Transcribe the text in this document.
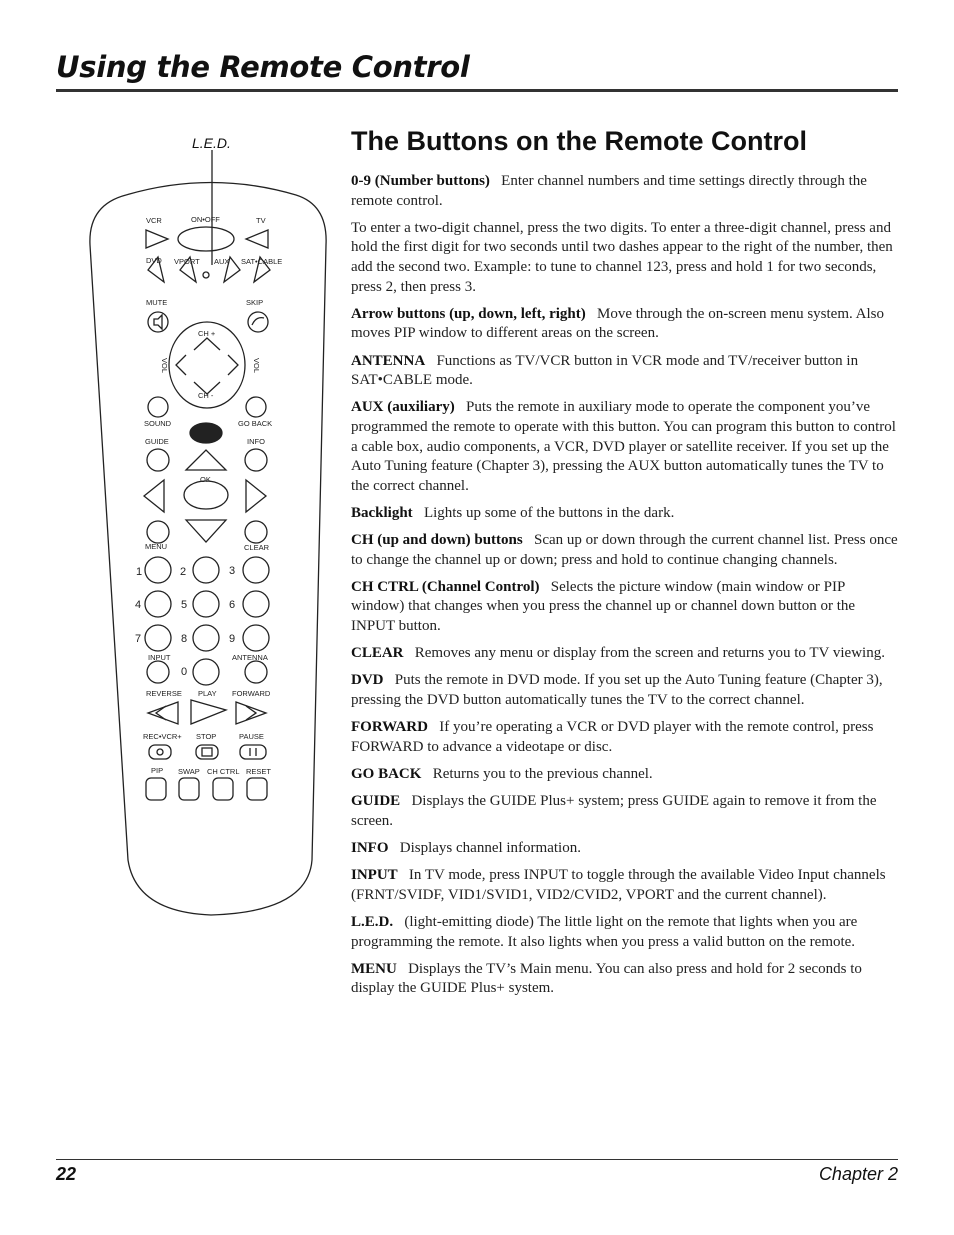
Using the Remote Control
L.E.D.
VCR	ON•OFF	TV
DVD VPORT AUX SAT•CABLE
MUTE	SKIP
CH +
CH -
VOL	VOL
SOUND	GO BACK
GUIDE	INFO
OK
MENU	CLEAR
1	2	3
4	5	6
7	8	9
0
INPUT	ANTENNA
REVERSE PLAY FORWARD
REC•VCR+ STOP	PAUSE
PIP SWAP CH CTRL RESET
The Buttons on the Remote Control

0-9 (Number buttons) Enter channel numbers and time settings directly through the remote control.

To enter a two-digit channel, press the two digits. To enter a three-digit channel, press and hold the first digit for two seconds until two dashes appear to the right of the number, then add the second two. Example: to tune to channel 123, press and hold 1 for two seconds, press 2, then press 3.

Arrow buttons (up, down, left, right) Move through the on-screen menu system. Also moves PIP window to different areas on the screen.

ANTENNA Functions as TV/VCR button in VCR mode and TV/receiver button in SAT•CABLE mode.

AUX (auxiliary) Puts the remote in auxiliary mode to operate the component you’ve programmed the remote to operate with this button. You can program this button to control a cable box, audio components, a VCR, DVD player or satellite receiver. If you set up the Auto Tuning feature (Chapter 3), pressing the AUX button automatically tunes the TV to the correct channel.

Backlight Lights up some of the buttons in the dark.

CH (up and down) buttons Scan up or down through the current channel list. Press once to change the channel up or down; press and hold to continue changing channels.

CH CTRL (Channel Control) Selects the picture window (main window or PIP window) that changes when you press the channel up or channel down button or the INPUT button.

CLEAR Removes any menu or display from the screen and returns you to TV viewing.

DVD Puts the remote in DVD mode. If you set up the Auto Tuning feature (Chapter 3), pressing the DVD button automatically tunes the TV to the correct channel.

FORWARD If you’re operating a VCR or DVD player with the remote control, press FORWARD to advance a videotape or disc.

GO BACK Returns you to the previous channel.

GUIDE Displays the GUIDE Plus+ system; press GUIDE again to remove it from the screen.

INFO Displays channel information.

INPUT In TV mode, press INPUT to toggle through the available Video Input channels (FRNT/SVIDF, VID1/SVID1, VID2/CVID2, VPORT and the current channel).

L.E.D. (light-emitting diode) The little light on the remote that lights when you are programming the remote. It also lights when you press a valid button on the remote.

MENU Displays the TV’s Main menu. You can also press and hold for 2 seconds to display the GUIDE Plus+ system.

22	Chapter 2
